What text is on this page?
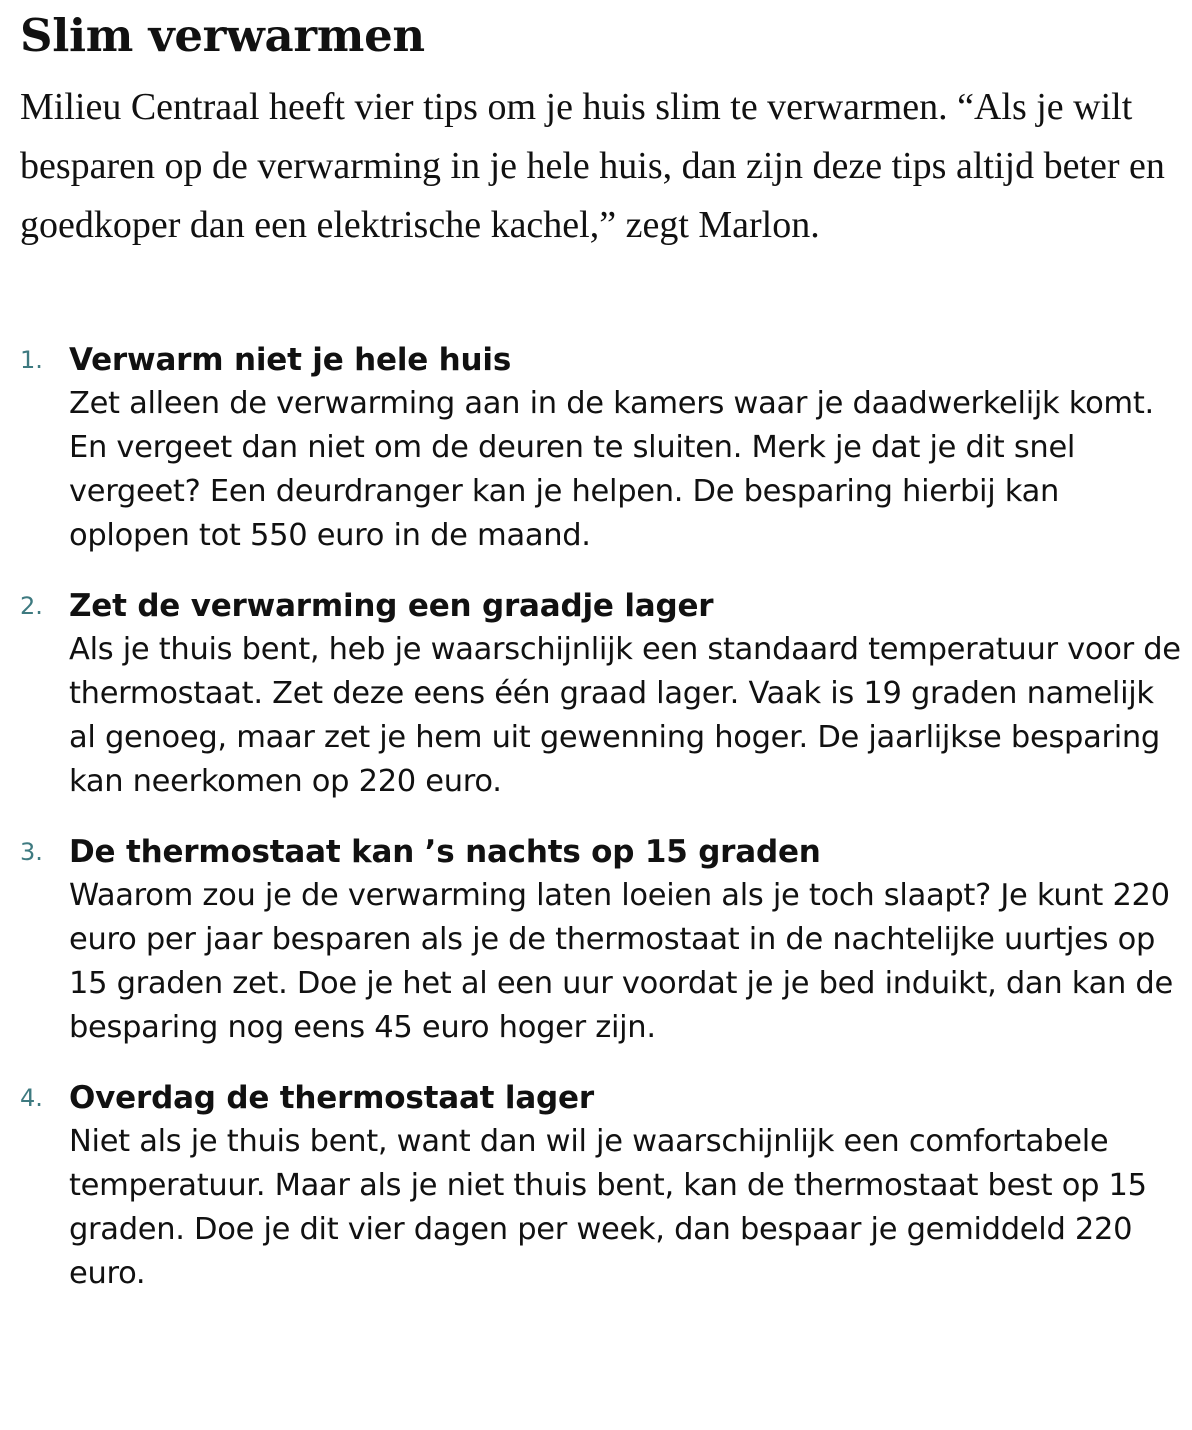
Slim verwarmen

Milieu Centraal heeft vier tips om je huis slim te verwarmen. “Als je wilt besparen op de verwarming in je hele huis, dan zijn deze tips altijd beter en goedkoper dan een elektrische kachel,” zegt Marlon.

1. Verwarm niet je hele huis

Zet alleen de verwarming aan in de kamers waar je daadwerkelijk komt. En vergeet dan niet om de deuren te sluiten. Merk je dat je dit snel vergeet? Een deurdranger kan je helpen. De besparing hierbij kan oplopen tot 550 euro in de maand.

2. Zet de verwarming een graadje lager

Als je thuis bent, heb je waarschijnlijk een standaard temperatuur voor de thermostaat. Zet deze eens één graad lager. Vaak is 19 graden namelijk al genoeg, maar zet je hem uit gewenning hoger. De jaarlijkse besparing kan neerkomen op 220 euro.

3. De thermostaat kan ’s nachts op 15 graden

Waarom zou je de verwarming laten loeien als je toch slaapt? Je kunt 220 euro per jaar besparen als je de thermostaat in de nachtelijke uurtjes op 15 graden zet. Doe je het al een uur voordat je je bed induikt, dan kan de besparing nog eens 45 euro hoger zijn.

4. Overdag de thermostaat lager

Niet als je thuis bent, want dan wil je waarschijnlijk een comfortabele temperatuur. Maar als je niet thuis bent, kan de thermostaat best op 15 graden. Doe je dit vier dagen per week, dan bespaar je gemiddeld 220 euro.
